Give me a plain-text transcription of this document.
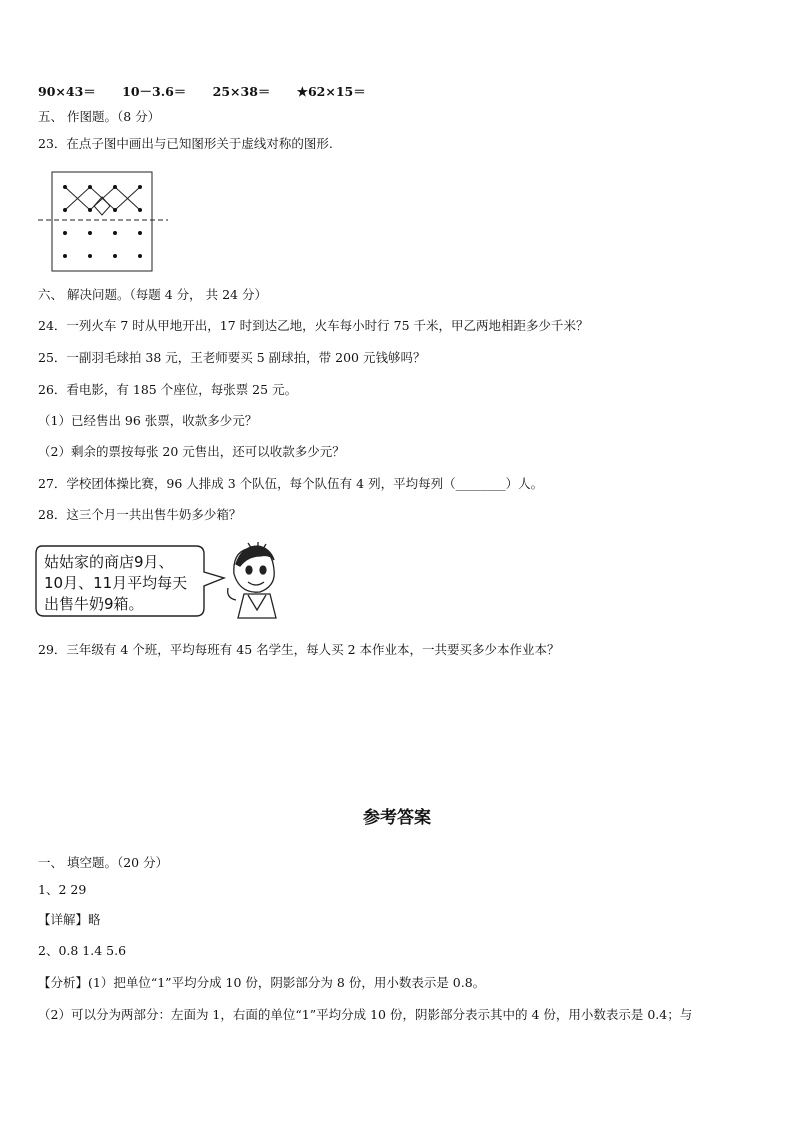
90×43＝ 10－3.6＝ 25×38＝ ★62×15＝
五、 作图题。（8 分）
23．在点子图中画出与已知图形关于虚线对称的图形.
六、 解决问题。（每题 4 分， 共 24 分）
24．一列火车 7 时从甲地开出，17 时到达乙地，火车每小时行 75 千米，甲乙两地相距多少千米？
25．一副羽毛球拍 38 元，王老师要买 5 副球拍，带 200 元钱够吗？
26．看电影，有 185 个座位，每张票 25 元。
（1）已经售出 96 张票，收款多少元？
（2）剩余的票按每张 20 元售出，还可以收款多少元？
27．学校团体操比赛，96 人排成 3 个队伍，每个队伍有 4 列，平均每列（________）人。
28．这三个月一共出售牛奶多少箱？
姑姑家的商店9月、
10月、11月平均每天
出售牛奶9箱。
29．三年级有 4 个班，平均每班有 45 名学生，每人买 2 本作业本，一共要买多少本作业本？
参考答案
一、 填空题。（20 分）
1、2 29
【详解】略
2、0.8 1.4 5.6
【分析】(1）把单位“1”平均分成 10 份，阴影部分为 8 份，用小数表示是 0.8。
（2）可以分为两部分：左面为 1，右面的单位“1”平均分成 10 份，阴影部分表示其中的 4 份，用小数表示是 0.4；与
